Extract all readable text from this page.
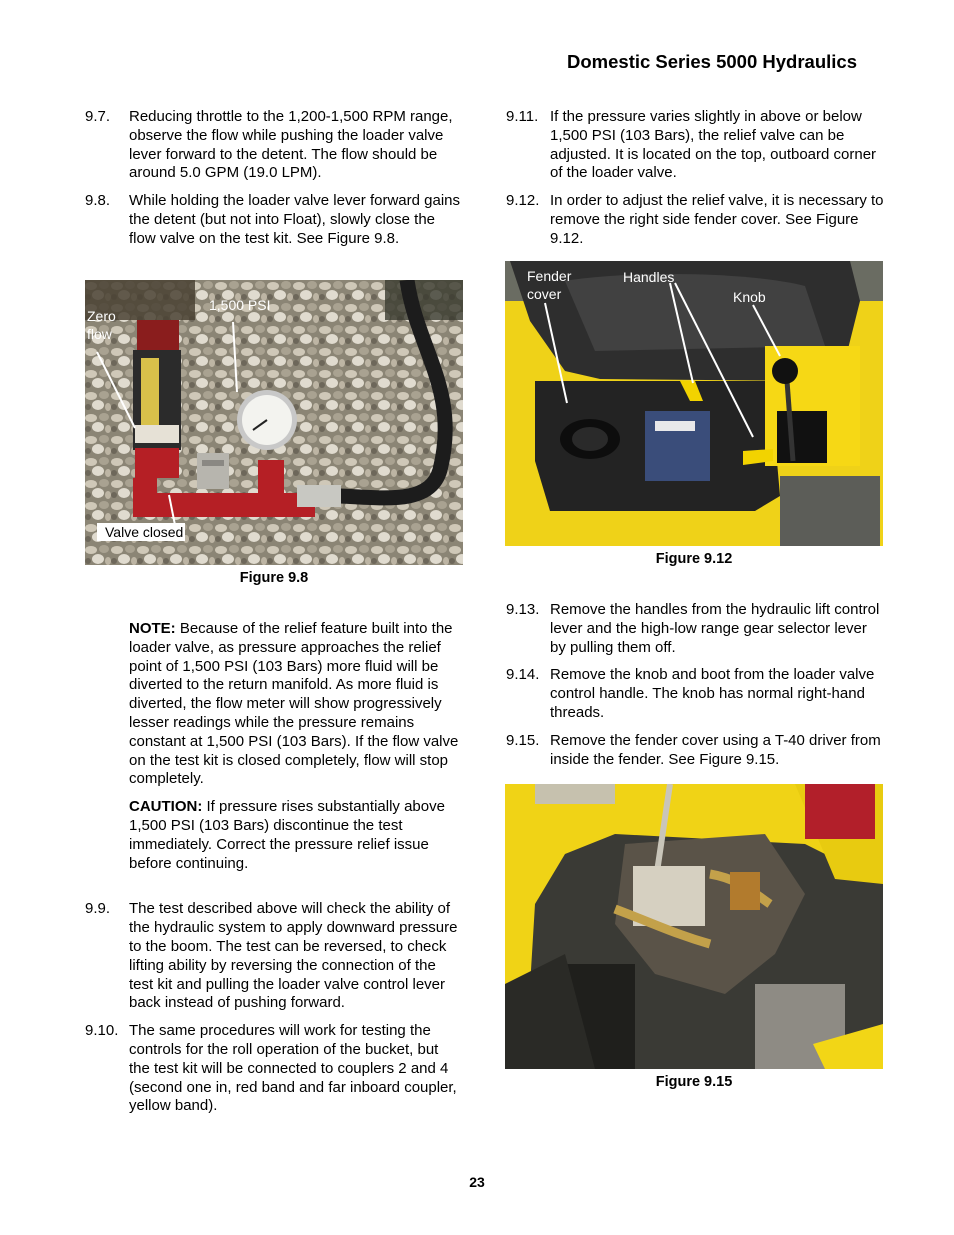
Domestic Series 5000 Hydraulics
9.7. Reducing throttle to the 1,200-1,500 RPM range, observe the flow while pushing the loader valve lever forward to the detent. The flow should be around 5.0 GPM (19.0 LPM).
9.8. While holding the loader valve lever forward gains the detent (but not into Float), slowly close the flow valve on the test kit. See Figure 9.8.
Zero
flow
1,500 PSI
Valve closed
Figure 9.8
NOTE: Because of the relief feature built into the loader valve, as pressure approaches the relief point of 1,500 PSI (103 Bars) more fluid will be diverted to the return manifold. As more fluid is diverted, the flow meter will show progressively lesser readings while the pressure remains constant at 1,500 PSI (103 Bars). If the flow valve on the test kit is closed completely, flow will stop completely.
CAUTION: If pressure rises substantially above 1,500 PSI (103 Bars) discontinue the test immediately. Correct the pressure relief issue before continuing.
9.9. The test described above will check the ability of the hydraulic system to apply downward pressure to the boom. The test can be reversed, to check lifting ability by reversing the connection of the test kit and pulling the loader valve control lever back instead of pushing forward.
9.10. The same procedures will work for testing the controls for the roll operation of the bucket, but the test kit will be connected to couplers 2 and 4 (second one in, red band and far inboard coupler, yellow band).
9.11. If the pressure varies slightly in above or below 1,500 PSI (103 Bars), the relief valve can be adjusted. It is located on the top, outboard corner of the loader valve.
9.12. In order to adjust the relief valve, it is necessary to remove the right side fender cover. See Figure 9.12.
Fender
cover
Handles
Knob
Figure 9.12
9.13. Remove the handles from the hydraulic lift control lever and the high-low range gear selector lever by pulling them off.
9.14. Remove the knob and boot from the loader valve control handle. The knob has normal right-hand threads.
9.15. Remove the fender cover using a T-40 driver from inside the fender. See Figure 9.15.
Figure 9.15
23
